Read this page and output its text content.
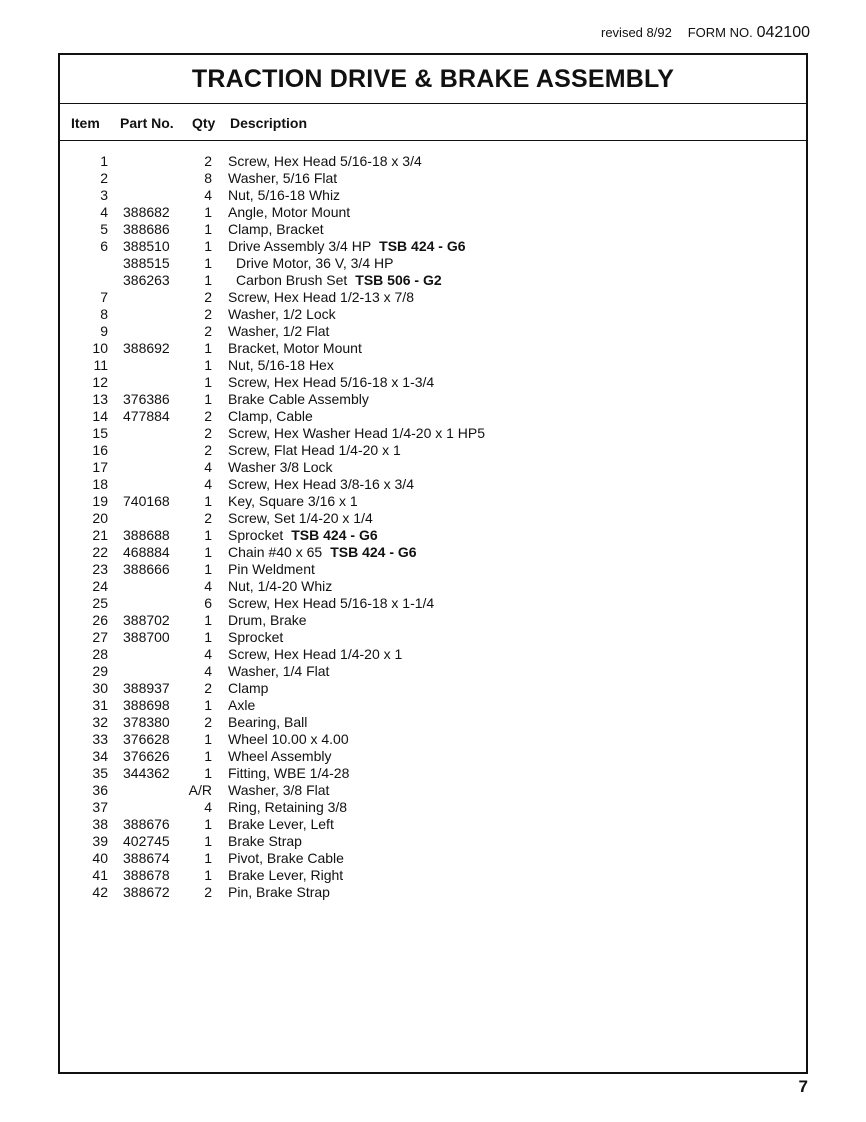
revised 8/92 FORM NO. 042100
TRACTION DRIVE & BRAKE ASSEMBLY
Item Part No. Qty Description
1	2 Screw, Hex Head 5/16-18 x 3/4
2	8 Washer, 5/16 Flat
3	4 Nut, 5/16-18 Whiz
4 388682	1 Angle, Motor Mount
5 388686	1 Clamp, Bracket
6 388510	1 Drive Assembly 3/4 HP TSB 424 - G6
388515	1 Drive Motor, 36 V, 3/4 HP
386263	1 Carbon Brush Set TSB 506 - G2
7	2 Screw, Hex Head 1/2-13 x 7/8
8	2 Washer, 1/2 Lock
9	2 Washer, 1/2 Flat
10 388692	1 Bracket, Motor Mount
11	1 Nut, 5/16-18 Hex
12	1 Screw, Hex Head 5/16-18 x 1-3/4
13 376386	1 Brake Cable Assembly
14 477884	2 Clamp, Cable
15	2 Screw, Hex Washer Head 1/4-20 x 1 HP5
16	2 Screw, Flat Head 1/4-20 x 1
17	4 Washer 3/8 Lock
18	4 Screw, Hex Head 3/8-16 x 3/4
19 740168	1 Key, Square 3/16 x 1
20	2 Screw, Set 1/4-20 x 1/4
21 388688	1 Sprocket TSB 424 - G6
22 468884	1 Chain #40 x 65 TSB 424 - G6
23 388666	1 Pin Weldment
24	4 Nut, 1/4-20 Whiz
25	6 Screw, Hex Head 5/16-18 x 1-1/4
26 388702	1 Drum, Brake
27 388700	1 Sprocket
28	4 Screw, Hex Head 1/4-20 x 1
29	4 Washer, 1/4 Flat
30 388937	2 Clamp
31 388698	1 Axle
32 378380	2 Bearing, Ball
33 376628	1 Wheel 10.00 x 4.00
34 376626	1 Wheel Assembly
35 344362	1 Fitting, WBE 1/4-28
36	A/R Washer, 3/8 Flat
37	4 Ring, Retaining 3/8
38 388676	1 Brake Lever, Left
39 402745	1 Brake Strap
40 388674	1 Pivot, Brake Cable
41 388678	1 Brake Lever, Right
42 388672	2 Pin, Brake Strap
7
